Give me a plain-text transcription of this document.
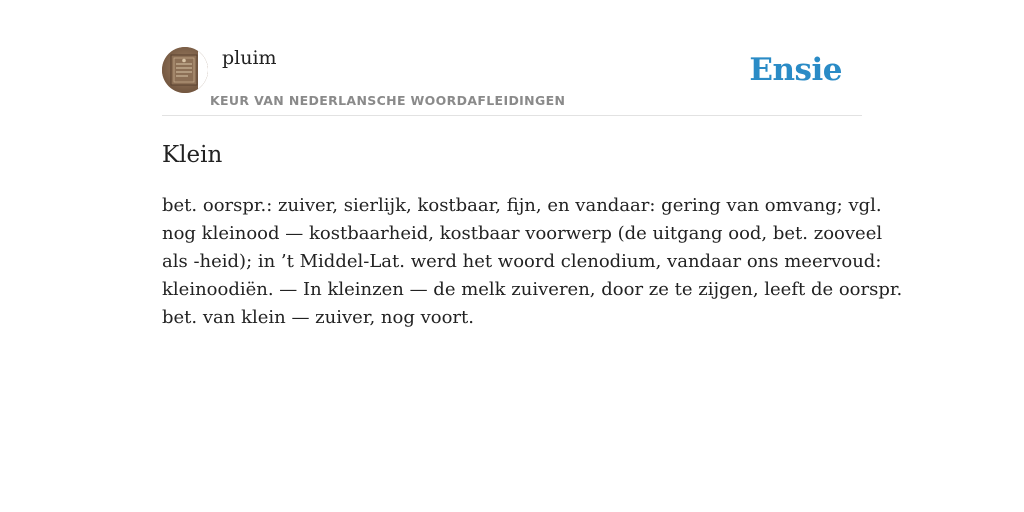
pluim
KEUR VAN NEDERLANSCHE WOORDAFLEIDINGEN
Ensie
Klein
bet. oorspr.: zuiver, sierlijk, kostbaar, fijn, en vandaar: gering van omvang; vgl.
nog kleinood — kostbaarheid, kostbaar voorwerp (de uitgang ood, bet. zooveel
als -heid); in ’t Middel-Lat. werd het woord clenodium, vandaar ons meervoud:
kleinoodiën. — In kleinzen — de melk zuiveren, door ze te zijgen, leeft de oorspr.
bet. van klein — zuiver, nog voort.
